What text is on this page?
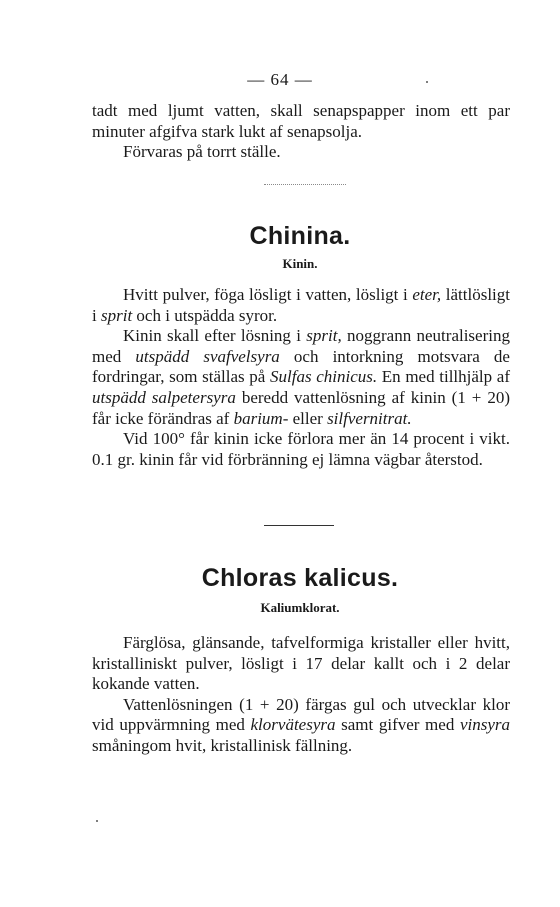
— 64 —

tadt med ljumt vatten, skall senapspapper inom ett par minuter afgifva stark lukt af senapsolja.

Förvaras på torrt ställe.

Chinina.
Kinin.

Hvitt pulver, föga lösligt i vatten, lösligt i eter, lättlösligt i sprit och i utspädda syror.

Kinin skall efter lösning i sprit, noggrann neutralisering med utspädd svafvelsyra och intorkning motsvara de fordringar, som ställas på Sulfas chinicus. En med tillhjälp af utspädd salpetersyra beredd vattenlösning af kinin (1 + 20) får icke förändras af barium- eller silfvernitrat.

Vid 100° får kinin icke förlora mer än 14 procent i vikt. 0.1 gr. kinin får vid förbränning ej lämna vägbar återstod.

Chloras kalicus.
Kaliumklorat.

Färglösa, glänsande, tafvelformiga kristaller eller hvitt, kristalliniskt pulver, lösligt i 17 delar kallt och i 2 delar kokande vatten.

Vattenlösningen (1 + 20) färgas gul och utvecklar klor vid uppvärmning med klorvätesyra samt gifver med vinsyra småningom hvit, kristallinisk fällning.
